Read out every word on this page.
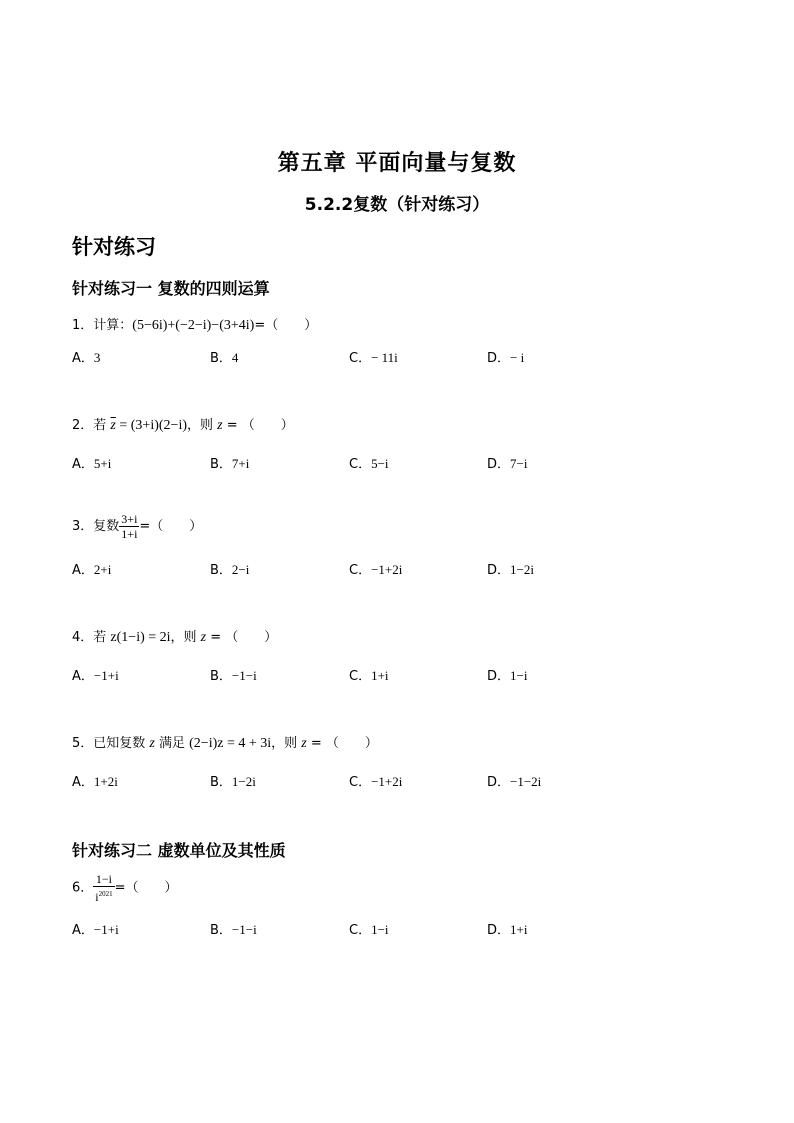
第五章 平面向量与复数
5.2.2复数（针对练习）
针对练习
针对练习一 复数的四则运算
1．计算：(5−6i)+(−2−i)−(3+4i)=（　　）
A．3	B．4	C．− 11i	D．− i
2．若 $\overline{z} = (3+i)(2-i)$，则 z = （　　）
A．5+i	B．7+i	C．5−i	D．7−i
3．复数 $\frac{3+i}{1+i}$ =（　　）
A．2+i	B．2−i	C．−1+2i	D．1−2i
4．若 z(1−i) = 2i，则 z = （　　）
A．−1+i	B．−1−i	C．1+i	D．1−i
5．已知复数 z 满足 (2−i)z = 4 + 3i，则 z = （　　）
A．1+2i	B．1−2i	C．−1+2i	D．−1−2i
针对练习二 虚数单位及其性质
6． $\frac{1-i}{i^{2021}}$ =（　　）
A．−1+i	B．−1−i	C．1−i	D．1+i
